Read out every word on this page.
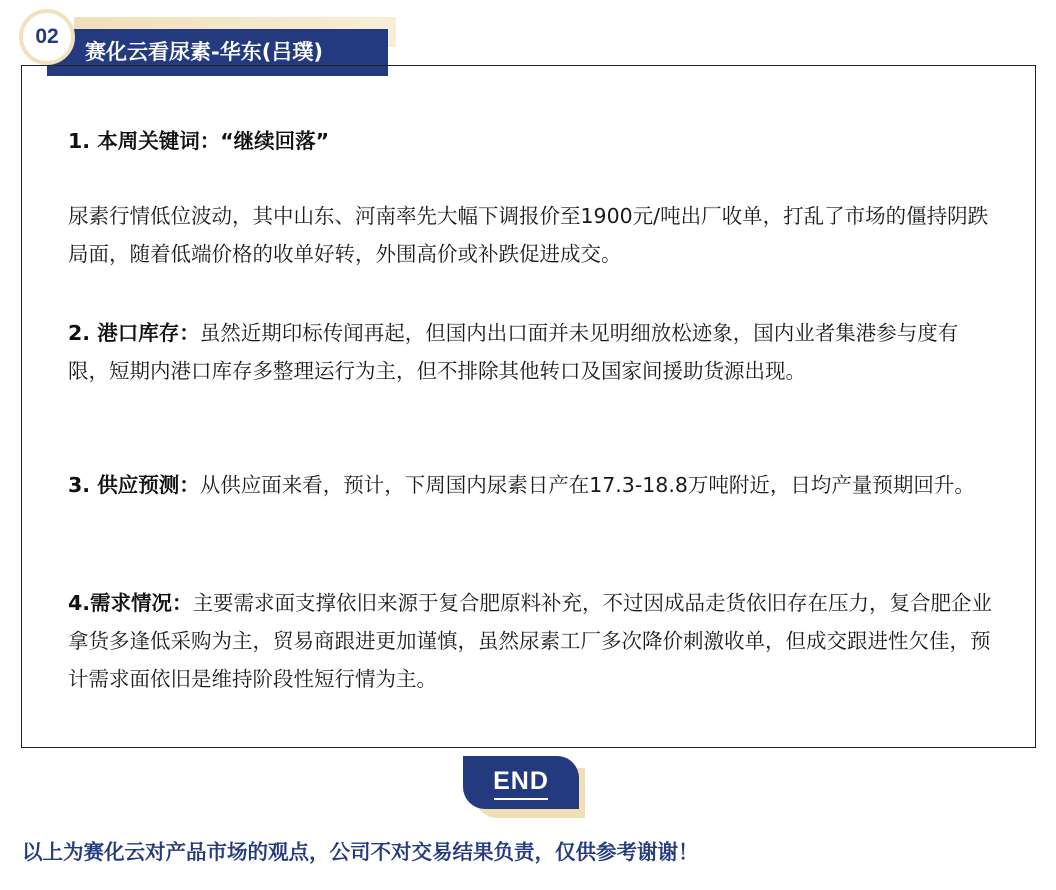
赛化云看尿素-华东(吕璞)
02

1. 本周关键词：“继续回落”

尿素行情低位波动，其中山东、河南率先大幅下调报价至1900元/吨出厂收单，打乱了市场的僵持阴跌局面，随着低端价格的收单好转，外围高价或补跌促进成交。

2. 港口库存：虽然近期印标传闻再起，但国内出口面并未见明细放松迹象，国内业者集港参与度有限，短期内港口库存多整理运行为主，但不排除其他转口及国家间援助货源出现。

3. 供应预测：从供应面来看，预计，下周国内尿素日产在17.3-18.8万吨附近，日均产量预期回升。

4.需求情况：主要需求面支撑依旧来源于复合肥原料补充，不过因成品走货依旧存在压力，复合肥企业拿货多逢低采购为主，贸易商跟进更加谨慎，虽然尿素工厂多次降价刺激收单，但成交跟进性欠佳，预计需求面依旧是维持阶段性短行情为主。

END

以上为赛化云对产品市场的观点，公司不对交易结果负责，仅供参考谢谢！
